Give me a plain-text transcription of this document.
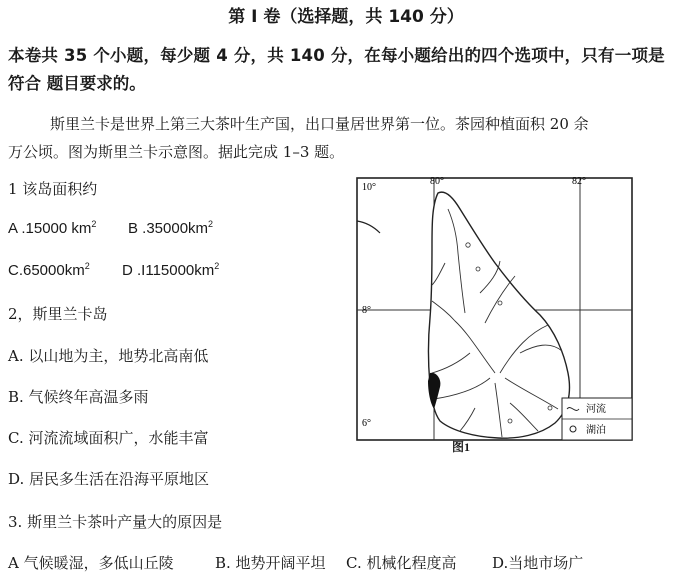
第 I 卷（选择题，共 140 分）
本卷共 35 个小题，每少题 4 分，共 140 分，在每小题给出的四个选项中，只有一项是
符合 题目要求的。
斯里兰卡是世界上第三大茶叶生产国，出口量居世界第一位。茶园种植面积 20 余
万公顷。图为斯里兰卡示意图。据此完成 1–3 题。
1 该岛面积约
A .15000 $km^2$ B $.35000km^2$
$C.65000km^2$ D $.I115000km^2$
2，斯里兰卡岛
A. 以山地为主，地势北高南低
B. 气候终年高温多雨
C. 河流流域面积广，水能丰富
D. 居民多生活在沿海平原地区
3. 斯里兰卡茶叶产量大的原因是
A 气候暖湿，多低山丘陵	B. 地势开阔平坦 C. 机械化程度高 D.当地市场广
10°
8°
6°
80°	82°
河流
湖泊
图1
